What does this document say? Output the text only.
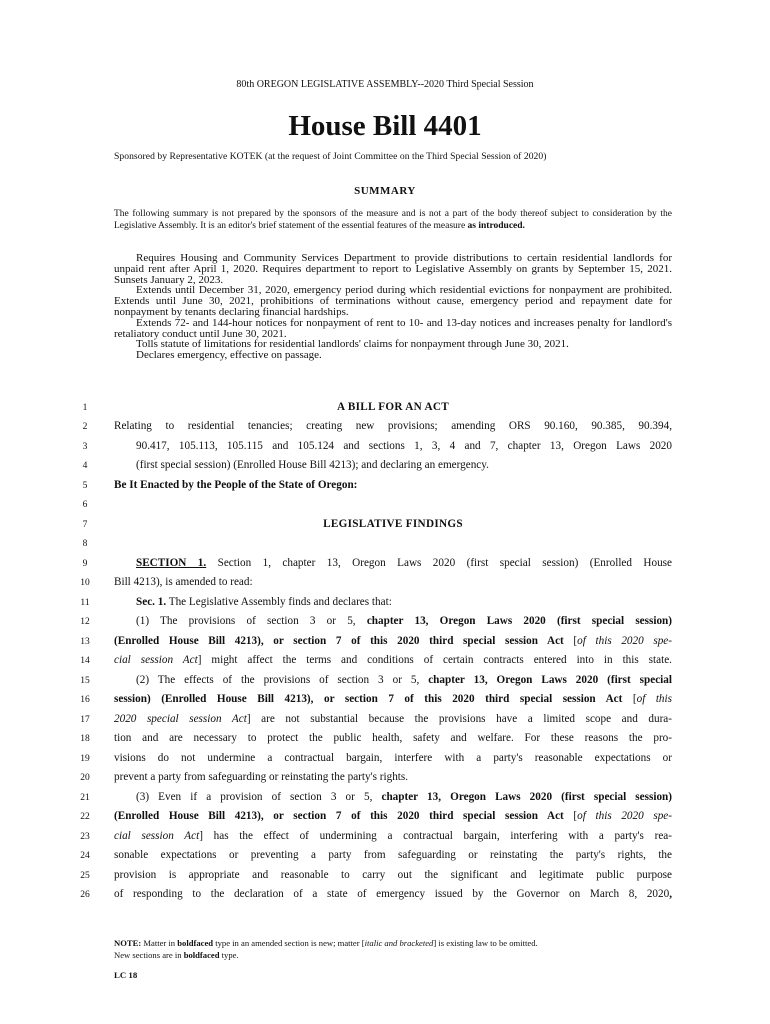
80th OREGON LEGISLATIVE ASSEMBLY--2020 Third Special Session
House Bill 4401
Sponsored by Representative KOTEK (at the request of Joint Committee on the Third Special Session of 2020)
SUMMARY
The following summary is not prepared by the sponsors of the measure and is not a part of the body thereof subject to consideration by the Legislative Assembly. It is an editor's brief statement of the essential features of the measure as introduced.

Requires Housing and Community Services Department to provide distributions to certain residential landlords for unpaid rent after April 1, 2020. Requires department to report to Legislative Assembly on grants by September 15, 2021. Sunsets January 2, 2023.

Extends until December 31, 2020, emergency period during which residential evictions for nonpayment are prohibited. Extends until June 30, 2021, prohibitions of terminations without cause, emergency period and repayment date for nonpayment by tenants declaring financial hardships.

Extends 72- and 144-hour notices for nonpayment of rent to 10- and 13-day notices and increases penalty for landlord's retaliatory conduct until June 30, 2021.

Tolls statute of limitations for residential landlords' claims for nonpayment through June 30, 2021.

Declares emergency, effective on passage.

1	A BILL FOR AN ACT
2	Relating to residential tenancies; creating new provisions; amending ORS 90.160, 90.385, 90.394,
3	90.417, 105.113, 105.115 and 105.124 and sections 1, 3, 4 and 7, chapter 13, Oregon Laws 2020
4	(first special session) (Enrolled House Bill 4213); and declaring an emergency.
5	Be It Enacted by the People of the State of Oregon:
6
7	LEGISLATIVE FINDINGS
8
9	SECTION 1. Section 1, chapter 13, Oregon Laws 2020 (first special session) (Enrolled House
10	Bill 4213), is amended to read:
11	Sec. 1. The Legislative Assembly finds and declares that:
12	(1) The provisions of section 3 or 5, chapter 13, Oregon Laws 2020 (first special session)
13	(Enrolled House Bill 4213), or section 7 of this 2020 third special session Act [of this 2020 spe-
14	cial session Act] might affect the terms and conditions of certain contracts entered into in this state.
15	(2) The effects of the provisions of section 3 or 5, chapter 13, Oregon Laws 2020 (first special
16	session) (Enrolled House Bill 4213), or section 7 of this 2020 third special session Act [of this
17	2020 special session Act] are not substantial because the provisions have a limited scope and dura-
18	tion and are necessary to protect the public health, safety and welfare. For these reasons the pro-
19	visions do not undermine a contractual bargain, interfere with a party's reasonable expectations or
20	prevent a party from safeguarding or reinstating the party's rights.
21	(3) Even if a provision of section 3 or 5, chapter 13, Oregon Laws 2020 (first special session)
22	(Enrolled House Bill 4213), or section 7 of this 2020 third special session Act [of this 2020 spe-
23	cial session Act] has the effect of undermining a contractual bargain, interfering with a party's rea-
24	sonable expectations or preventing a party from safeguarding or reinstating the party's rights, the
25	provision is appropriate and reasonable to carry out the significant and legitimate public purpose
26	of responding to the declaration of a state of emergency issued by the Governor on March 8, 2020,
NOTE: Matter in boldfaced type in an amended section is new; matter [italic and bracketed] is existing law to be omitted.
New sections are in boldfaced type.
LC 18
